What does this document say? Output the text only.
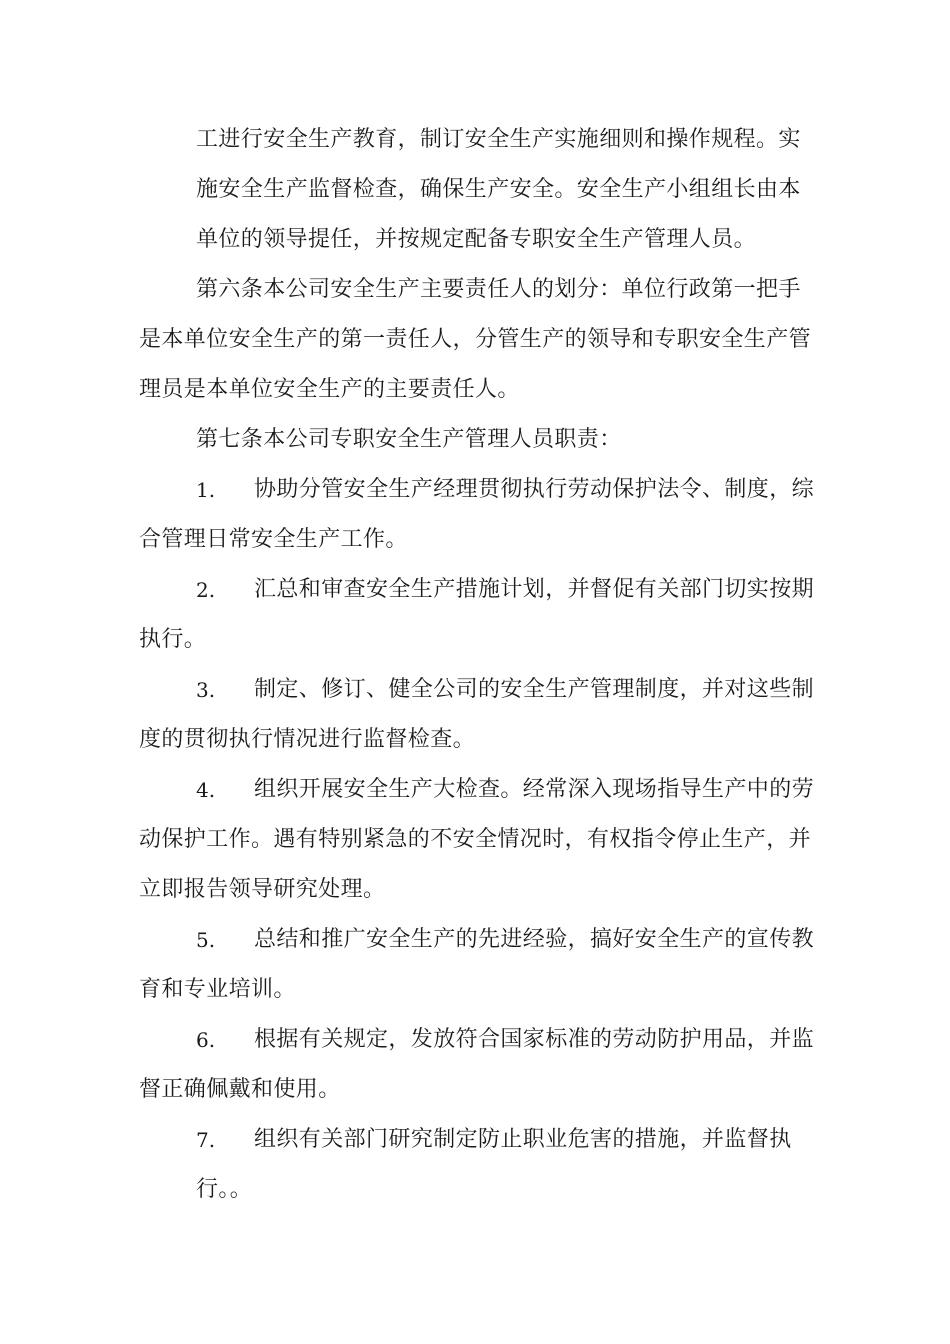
工进行安全生产教育，制订安全生产实施细则和操作规程。实
施安全生产监督检查，确保生产安全。安全生产小组组长由本
单位的领导提任，并按规定配备专职安全生产管理人员。
第六条本公司安全生产主要责任人的划分：单位行政第一把手
是本单位安全生产的第一责任人，分管生产的领导和专职安全生产管
理员是本单位安全生产的主要责任人。
第七条本公司专职安全生产管理人员职责：
1. 协助分管安全生产经理贯彻执行劳动保护法令、制度，综
合管理日常安全生产工作。
2. 汇总和审查安全生产措施计划，并督促有关部门切实按期
执行。
3. 制定、修订、健全公司的安全生产管理制度，并对这些制
度的贯彻执行情况进行监督检查。
4. 组织开展安全生产大检查。经常深入现场指导生产中的劳
动保护工作。遇有特别紧急的不安全情况时，有权指令停止生产，并
立即报告领导研究处理。
5. 总结和推广安全生产的先进经验，搞好安全生产的宣传教
育和专业培训。
6. 根据有关规定，发放符合国家标准的劳动防护用品，并监
督正确佩戴和使用。
7. 组织有关部门研究制定防止职业危害的措施，并监督执
行。。
